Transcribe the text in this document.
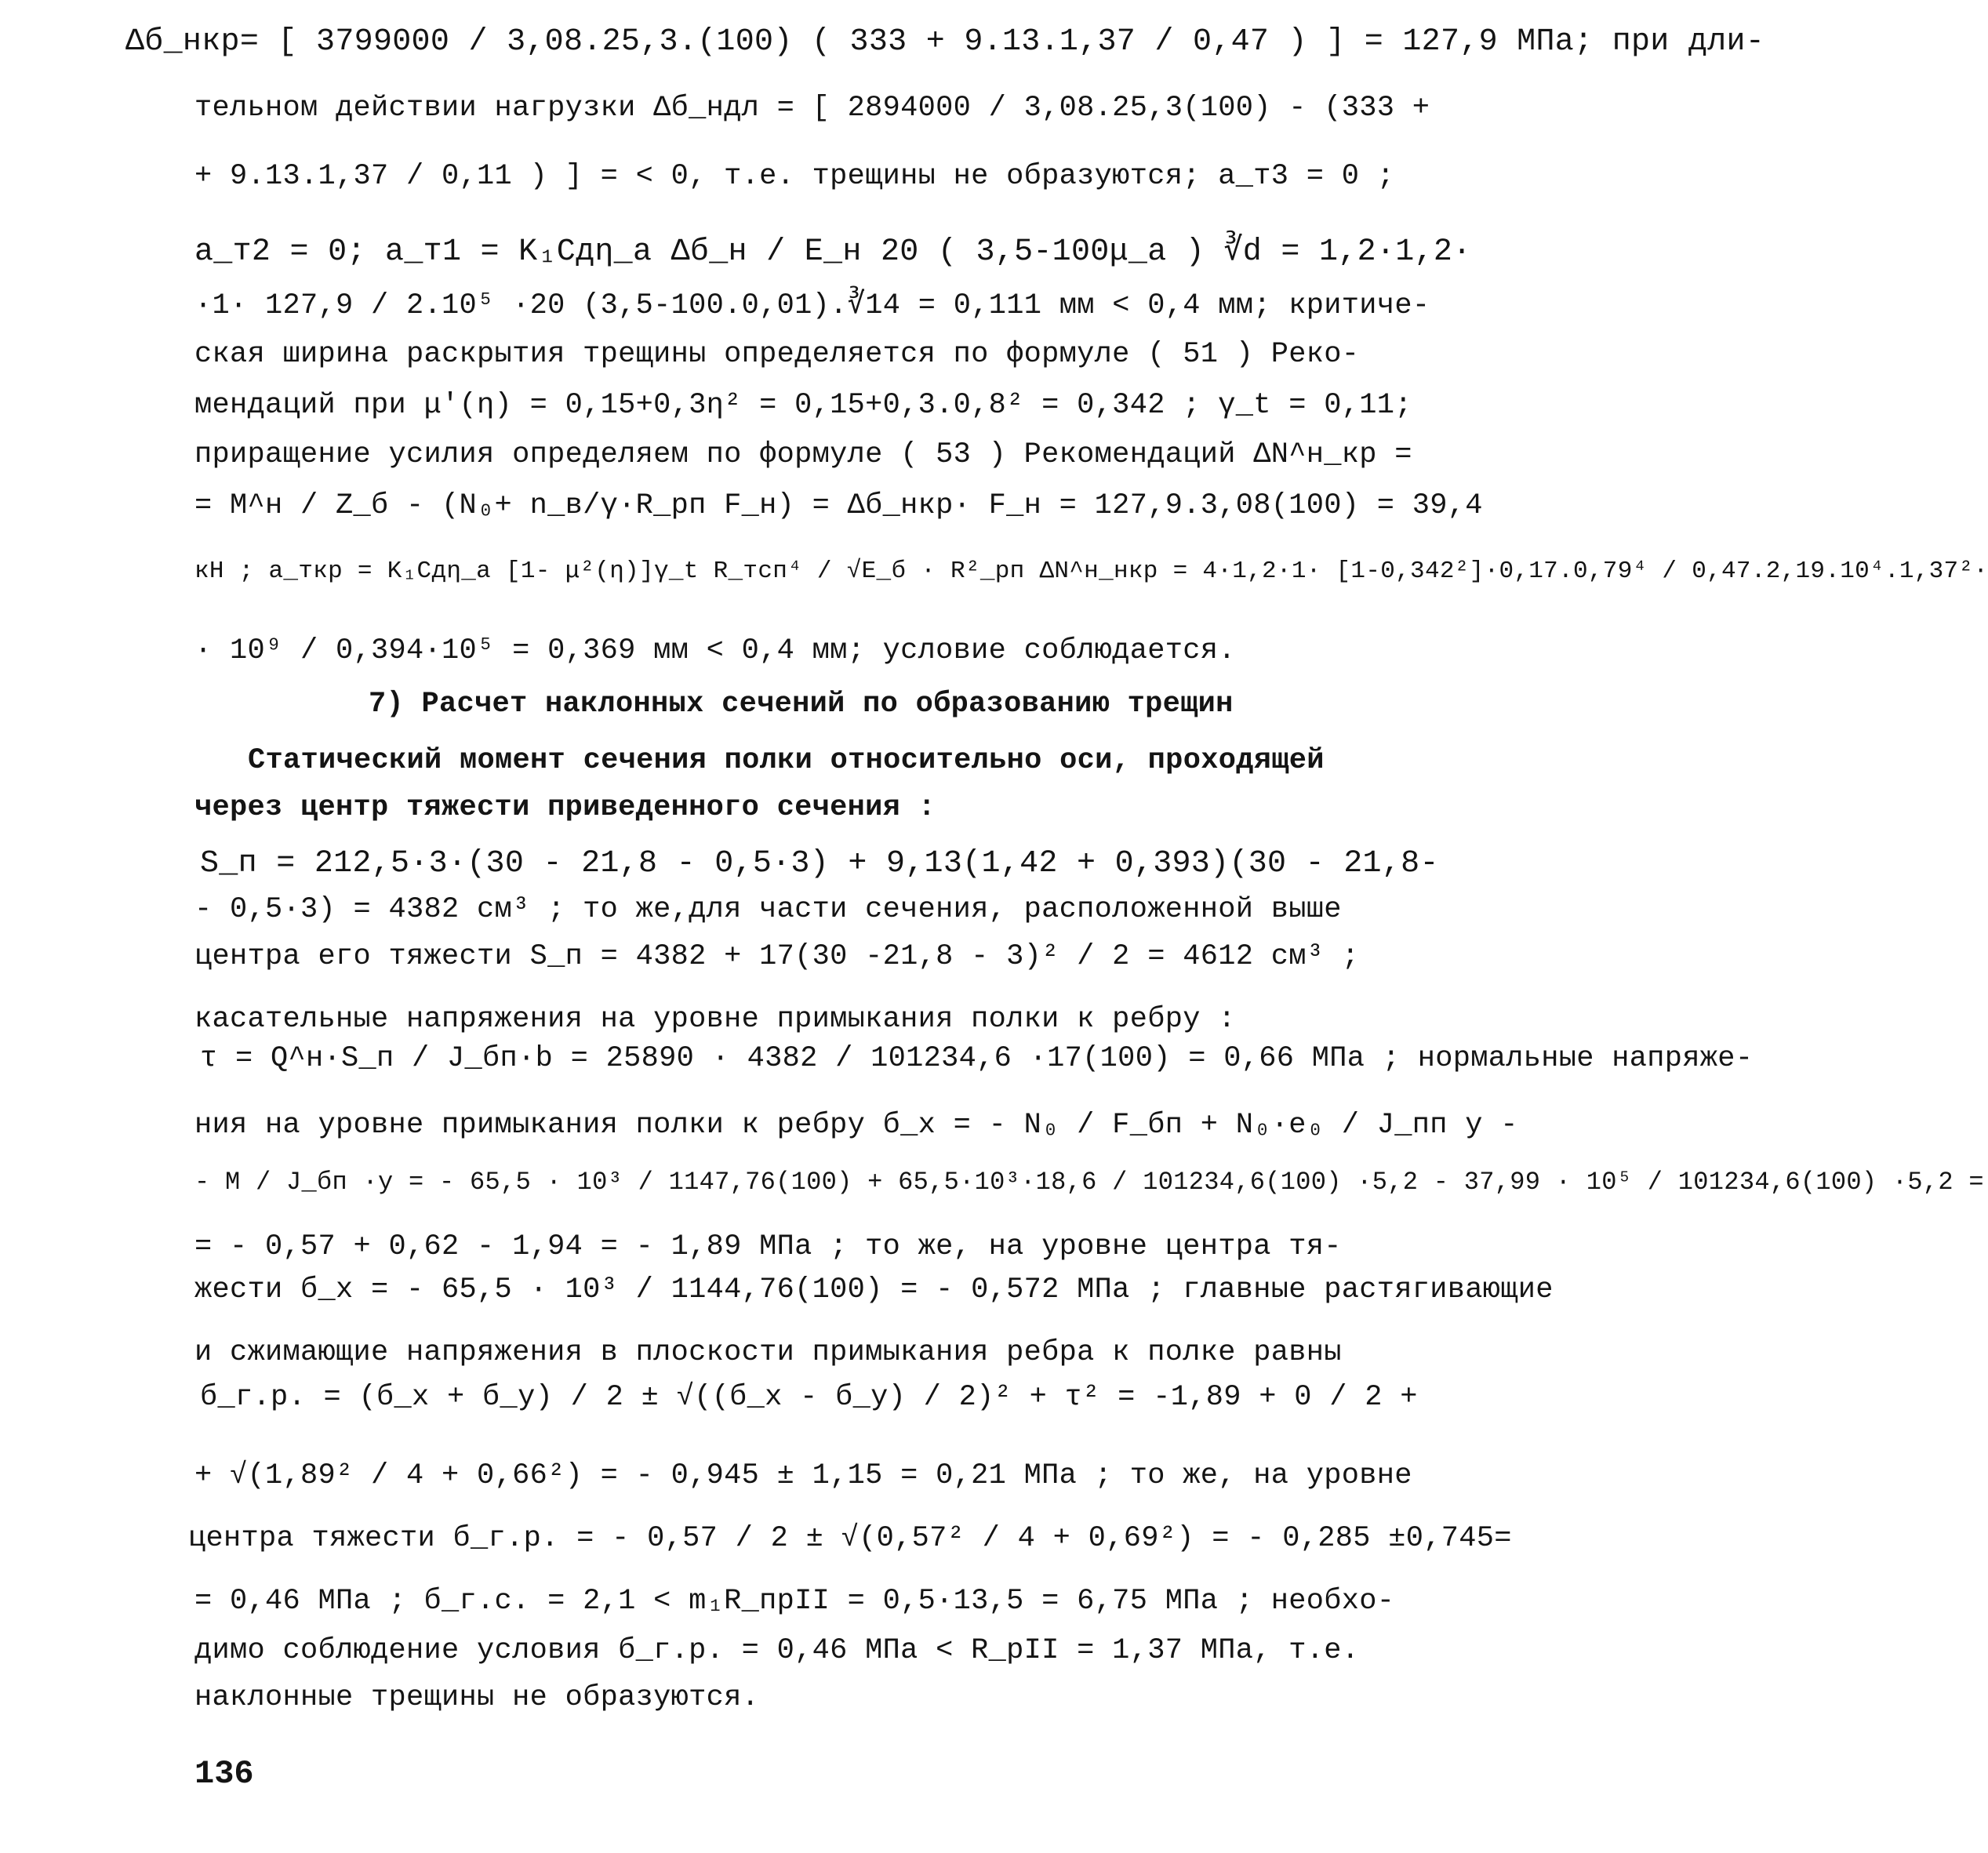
Δб_нкр= [ 3799000 / 3,08.25,3.(100) ( 333 + 9.13.1,37 / 0,47 ) ] = 127,9 МПа; при дли-
тельном действии нагрузки Δб_ндл = [ 2894000 / 3,08.25,3(100) - (333 +
+ 9.13.1,37 / 0,11 ) ] = < 0, т.е. трещины не образуются; a_т3 = 0 ;
a_т2 = 0; a_т1 = K₁Cдη_a Δб_н / E_н 20 ( 3,5-100μ_a ) ∛d = 1,2·1,2·
·1· 127,9 / 2.10⁵ ·20 (3,5-100.0,01).∛14 = 0,111 мм < 0,4 мм; критиче-
ская ширина раскрытия трещины определяется по формуле ( 51 ) Реко-
мендаций при μ'(η) = 0,15+0,3η² = 0,15+0,3.0,8² = 0,342 ; γ_t = 0,11;
приращение усилия определяем по формуле ( 53 ) Рекомендаций ΔN^н_кр =
= M^н / Z_б - (N₀+ n_в/γ·R_рп F_н) = Δб_нкр· F_н = 127,9.3,08(100) = 39,4
кН ; a_ткр = K₁Cдη_a [1- μ²(η)]γ_t R_тсп⁴ / √E_б · R²_рп ΔN^н_нкр = 4·1,2·1· [1-0,342²]·0,17.0,79⁴ / 0,47.2,19.10⁴.1,37²·
· 10⁹ / 0,394·10⁵ = 0,369 мм < 0,4 мм; условие соблюдается.
7) Расчет наклонных сечений по образованию трещин
Статический момент сечения полки относительно оси, проходящей
через центр тяжести приведенного сечения :
S_п = 212,5·3·(30 - 21,8 - 0,5·3) + 9,13(1,42 + 0,393)(30 - 21,8-
- 0,5·3) = 4382 см³ ; то же,для части сечения, расположенной выше
центра его тяжести S_п = 4382 + 17(30 -21,8 - 3)² / 2 = 4612 см³ ;
касательные напряжения на уровне примыкания полки к ребру :
τ = Q^н·S_п / J_бп·b = 25890 · 4382 / 101234,6 ·17(100) = 0,66 МПа ; нормальные напряже-
ния на уровне примыкания полки к ребру б_x = - N₀ / F_бп + N₀·e₀ / J_пп y -
- M / J_бп ·y = - 65,5 · 10³ / 1147,76(100) + 65,5·10³·18,6 / 101234,6(100) ·5,2 - 37,99 · 10⁵ / 101234,6(100) ·5,2 =
= - 0,57 + 0,62 - 1,94 = - 1,89 МПа ; то же, на уровне центра тя-
жести б_x = - 65,5 · 10³ / 1144,76(100) = - 0,572 МПа ; главные растягивающие
и сжимающие напряжения в плоскости примыкания ребра к полке равны
б_г.р. = (б_x + б_y) / 2 ± √((б_x - б_y) / 2)² + τ² = -1,89 + 0 / 2 +
+ √(1,89² / 4 + 0,66²) = - 0,945 ± 1,15 = 0,21 МПа ; то же, на уровне
центра тяжести б_г.р. = - 0,57 / 2 ± √(0,57² / 4 + 0,69²) = - 0,285 ±0,745=
= 0,46 МПа ; б_г.с. = 2,1 < m₁R_прII = 0,5·13,5 = 6,75 МПа ; необхо-
димо соблюдение условия б_г.р. = 0,46 МПа < R_рII = 1,37 МПа, т.е.
наклонные трещины не образуются.
136
